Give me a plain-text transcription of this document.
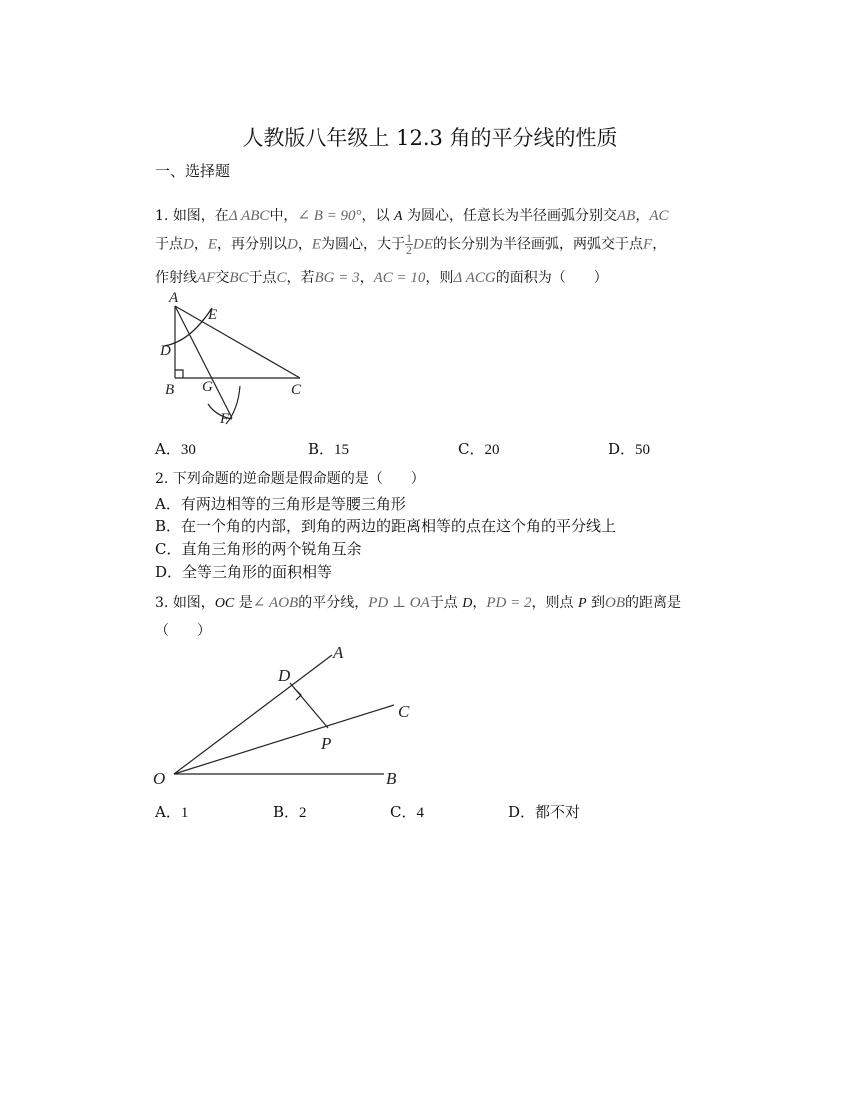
人教版八年级上 12.3 角的平分线的性质
一、选择题
1. 如图，在Δ ABC中，∠ B = 90°，以 A 为圆心，任意长为半径画弧分别交AB，AC
于点D，E，再分别以D，E为圆心，大于 $\frac{1}{2}$ DE的长分别为半径画弧，两弧交于点F，
作射线AF交BC于点C，若BG = 3，AC = 10，则Δ ACG的面积为（　　）
A
E
D
B G	C
F
A．30	B．15	C．20	D．50
2. 下列命题的逆命题是假命题的是（　　）
A．有两边相等的三角形是等腰三角形
B．在一个角的内部，到角的两边的距离相等的点在这个角的平分线上
C．直角三角形的两个锐角互余
D．全等三角形的面积相等
3. 如图，OC 是∠ AOB的平分线，PD ⊥ OA于点 D，PD = 2，则点 P 到OB的距离是
（　　）
A
D
C
P
O	B
A．1	B．2	C．4	D．都不对
